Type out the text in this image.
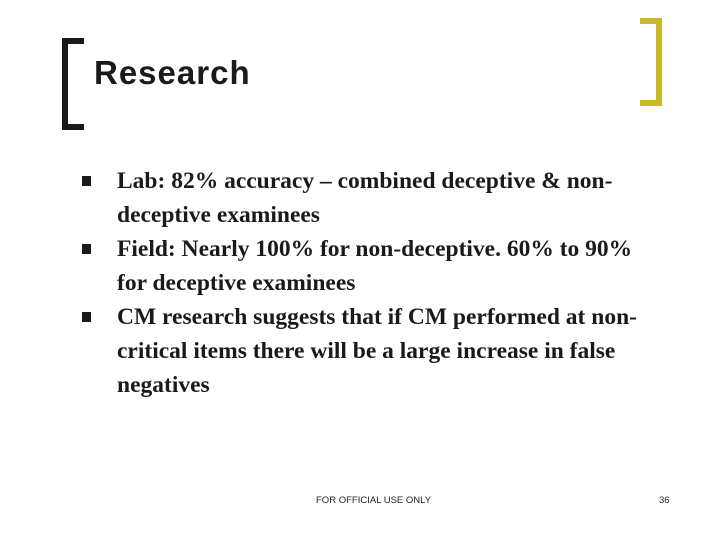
Research
Lab: 82% accuracy – combined deceptive & non-deceptive examinees
Field: Nearly 100% for non-deceptive. 60% to 90% for deceptive examinees
CM research suggests that if CM performed at non-critical items there will be a large increase in false negatives
FOR OFFICIAL USE ONLY	36
